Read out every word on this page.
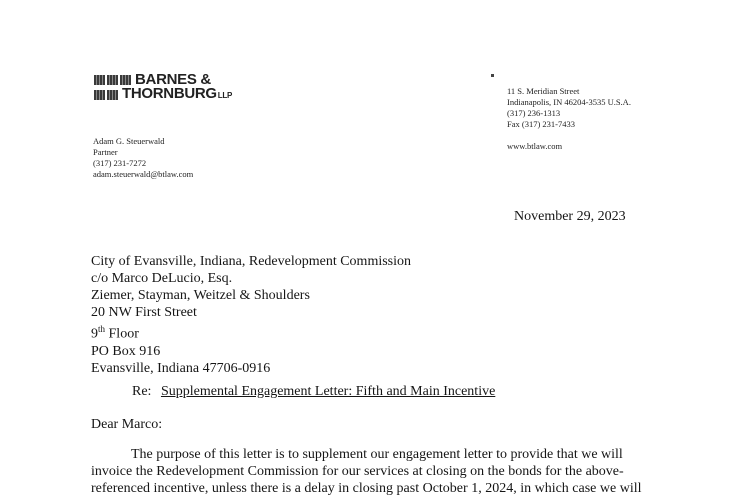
BARNES &
THORNBURGLLP
Adam G. Steuerwald
Partner
(317) 231-7272
adam.steuerwald@btlaw.com
11 S. Meridian Street
Indianapolis, IN 46204-3535 U.S.A.
(317) 236-1313
Fax (317) 231-7433
www.btlaw.com
November 29, 2023
City of Evansville, Indiana, Redevelopment Commission
c/o Marco DeLucio, Esq.
Ziemer, Stayman, Weitzel & Shoulders
20 NW First Street
9th Floor
PO Box 916
Evansville, Indiana 47706-0916
Re: Supplemental Engagement Letter: Fifth and Main Incentive
Dear Marco:
The purpose of this letter is to supplement our engagement letter to provide that we will
invoice the Redevelopment Commission for our services at closing on the bonds for the above-
referenced incentive, unless there is a delay in closing past October 1, 2024, in which case we will
